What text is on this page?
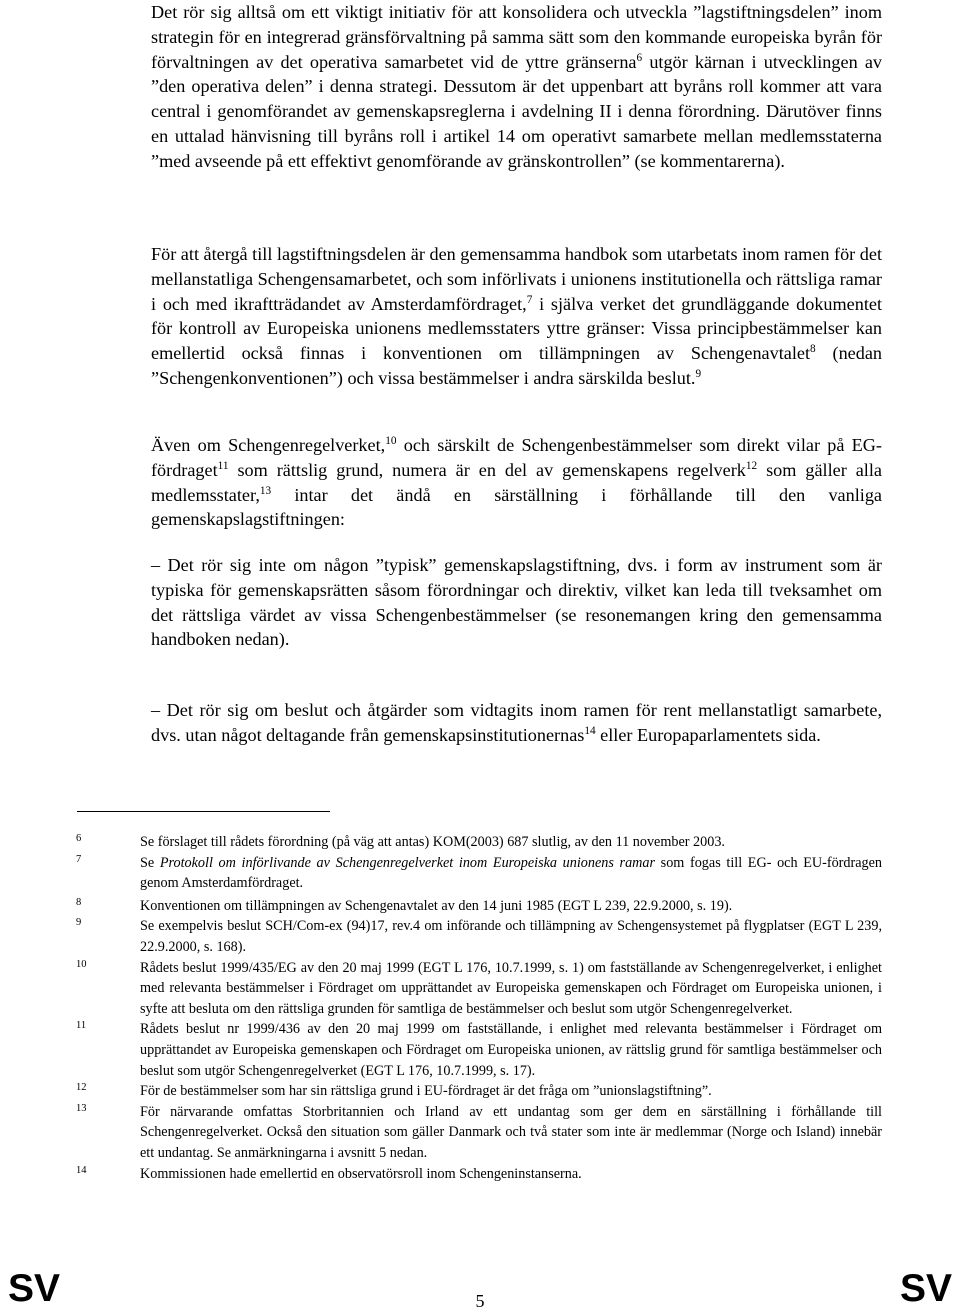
Det rör sig alltså om ett viktigt initiativ för att konsolidera och utveckla ”lagstiftningsdelen” inom strategin för en integrerad gränsförvaltning på samma sätt som den kommande europeiska byrån för förvaltningen av det operativa samarbetet vid de yttre gränserna$^6$ utgör kärnan i utvecklingen av ”den operativa delen” i denna strategi. Dessutom är det uppenbart att byråns roll kommer att vara central i genomförandet av gemenskapsreglerna i avdelning II i denna förordning. Därutöver finns en uttalad hänvisning till byråns roll i artikel 14 om operativt samarbete mellan medlemsstaterna ”med avseende på ett effektivt genomförande av gränskontrollen” (se kommentarerna).

För att återgå till lagstiftningsdelen är den gemensamma handbok som utarbetats inom ramen för det mellanstatliga Schengensamarbetet, och som införlivats i unionens institutionella och rättsliga ramar i och med ikraftträdandet av Amsterdamfördraget,$^7$ i själva verket det grundläggande dokumentet för kontroll av Europeiska unionens medlemsstaters yttre gränser: Vissa principbestämmelser kan emellertid också finnas i konventionen om tillämpningen av Schengenavtalet$^8$ (nedan ”Schengenkonventionen”) och vissa bestämmelser i andra särskilda beslut.$^9$

Även om Schengenregelverket,$^{10}$ och särskilt de Schengenbestämmelser som direkt vilar på EG-fördraget$^{11}$ som rättslig grund, numera är en del av gemenskapens regelverk$^{12}$ som gäller alla medlemsstater,$^{13}$ intar det ändå en särställning i förhållande till den vanliga gemenskapslagstiftningen:

– Det rör sig inte om någon ”typisk” gemenskapslagstiftning, dvs. i form av instrument som är typiska för gemenskapsrätten såsom förordningar och direktiv, vilket kan leda till tveksamhet om det rättsliga värdet av vissa Schengenbestämmelser (se resonemangen kring den gemensamma handboken nedan).

– Det rör sig om beslut och åtgärder som vidtagits inom ramen för rent mellanstatligt samarbete, dvs. utan något deltagande från gemenskapsinstitutionernas$^{14}$ eller Europaparlamentets sida.

6	Se förslaget till rådets förordning (på väg att antas) KOM(2003) 687 slutlig, av den 11 november 2003.
7	Se Protokoll om införlivande av Schengenregelverket inom Europeiska unionens ramar som fogas till EG- och EU-fördragen genom Amsterdamfördraget.
8	Konventionen om tillämpningen av Schengenavtalet av den 14 juni 1985 (EGT L 239, 22.9.2000, s. 19).
9	Se exempelvis beslut SCH/Com-ex (94)17, rev.4 om införande och tillämpning av Schengensystemet på flygplatser (EGT L 239, 22.9.2000, s. 168).
10	Rådets beslut 1999/435/EG av den 20 maj 1999 (EGT L 176, 10.7.1999, s. 1) om fastställande av Schengenregelverket, i enlighet med relevanta bestämmelser i Fördraget om upprättandet av Europeiska gemenskapen och Fördraget om Europeiska unionen, i syfte att besluta om den rättsliga grunden för samtliga de bestämmelser och beslut som utgör Schengenregelverket.
11	Rådets beslut nr 1999/436 av den 20 maj 1999 om fastställande, i enlighet med relevanta bestämmelser i Fördraget om upprättandet av Europeiska gemenskapen och Fördraget om Europeiska unionen, av rättslig grund för samtliga bestämmelser och beslut som utgör Schengenregelverket (EGT L 176, 10.7.1999, s. 17).
12	För de bestämmelser som har sin rättsliga grund i EU-fördraget är det fråga om ”unionslagstiftning”.
13	För närvarande omfattas Storbritannien och Irland av ett undantag som ger dem en särställning i förhållande till Schengenregelverket. Också den situation som gäller Danmark och två stater som inte är medlemmar (Norge och Island) innebär ett undantag. Se anmärkningarna i avsnitt 5 nedan.
14	Kommissionen hade emellertid en observatörsroll inom Schengeninstanserna.
SV	5	SV
